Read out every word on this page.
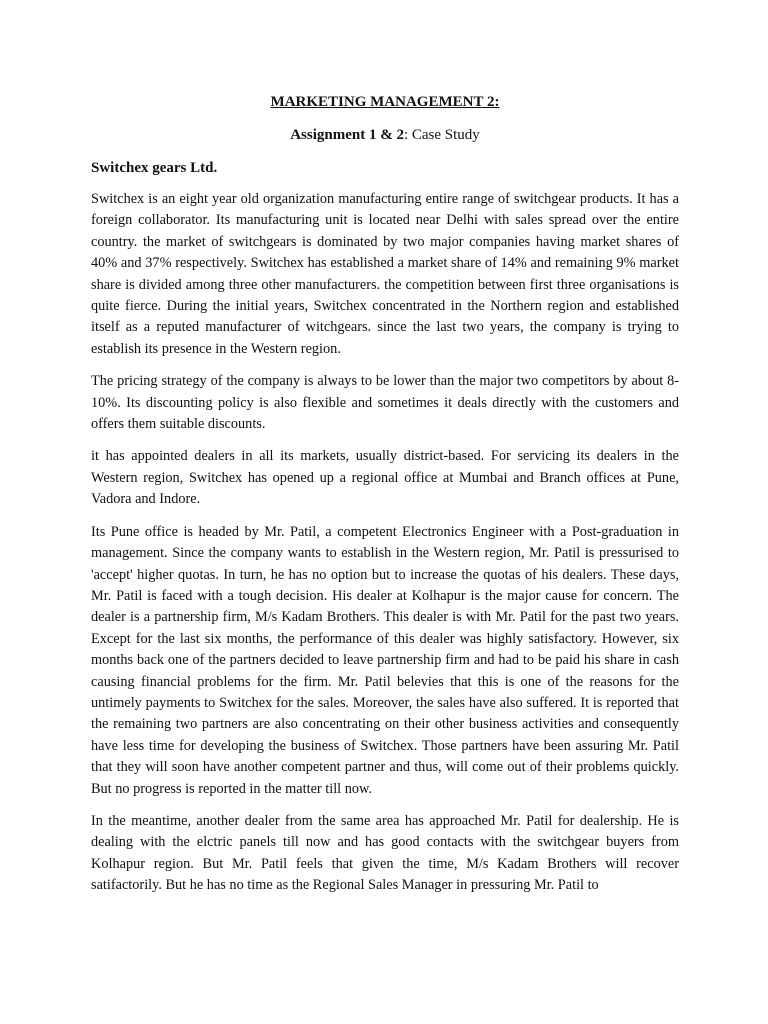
MARKETING MANAGEMENT 2:

Assignment 1 & 2: Case Study

Switchex gears Ltd.

Switchex is an eight year old organization manufacturing entire range of switchgear products. It has a foreign collaborator. Its manufacturing unit is located near Delhi with sales spread over the entire country. the market of switchgears is dominated by two major companies having market shares of 40% and 37% respectively. Switchex has established a market share of 14% and remaining 9% market share is divided among three other manufacturers. the competition between first three organisations is quite fierce. During the initial years, Switchex concentrated in the Northern region and established itself as a reputed manufacturer of witchgears. since the last two years, the company is trying to establish its presence in the Western region.

The pricing strategy of the company is always to be lower than the major two competitors by about 8-10%. Its discounting policy is also flexible and sometimes it deals directly with the customers and offers them suitable discounts.

it has appointed dealers in all its markets, usually district-based. For servicing its dealers in the Western region, Switchex has opened up a regional office at Mumbai and Branch offices at Pune, Vadora and Indore.

Its Pune office is headed by Mr. Patil, a competent Electronics Engineer with a Post-graduation in management. Since the company wants to establish in the Western region, Mr. Patil is pressurised to 'accept' higher quotas. In turn, he has no option but to increase the quotas of his dealers. These days, Mr. Patil is faced with a tough decision. His dealer at Kolhapur is the major cause for concern. The dealer is a partnership firm, M/s Kadam Brothers. This dealer is with Mr. Patil for the past two years. Except for the last six months, the performance of this dealer was highly satisfactory. However, six months back one of the partners decided to leave partnership firm and had to be paid his share in cash causing financial problems for the firm. Mr. Patil belevies that this is one of the reasons for the untimely payments to Switchex for the sales. Moreover, the sales have also suffered. It is reported that the remaining two partners are also concentrating on their other business activities and consequently have less time for developing the business of Switchex. Those partners have been assuring Mr. Patil that they will soon have another competent partner and thus, will come out of their problems quickly. But no progress is reported in the matter till now.

In the meantime, another dealer from the same area has approached Mr. Patil for dealership. He is dealing with the elctric panels till now and has good contacts with the switchgear buyers from Kolhapur region. But Mr. Patil feels that given the time, M/s Kadam Brothers will recover satifactorily. But he has no time as the Regional Sales Manager in pressuring Mr. Patil to
